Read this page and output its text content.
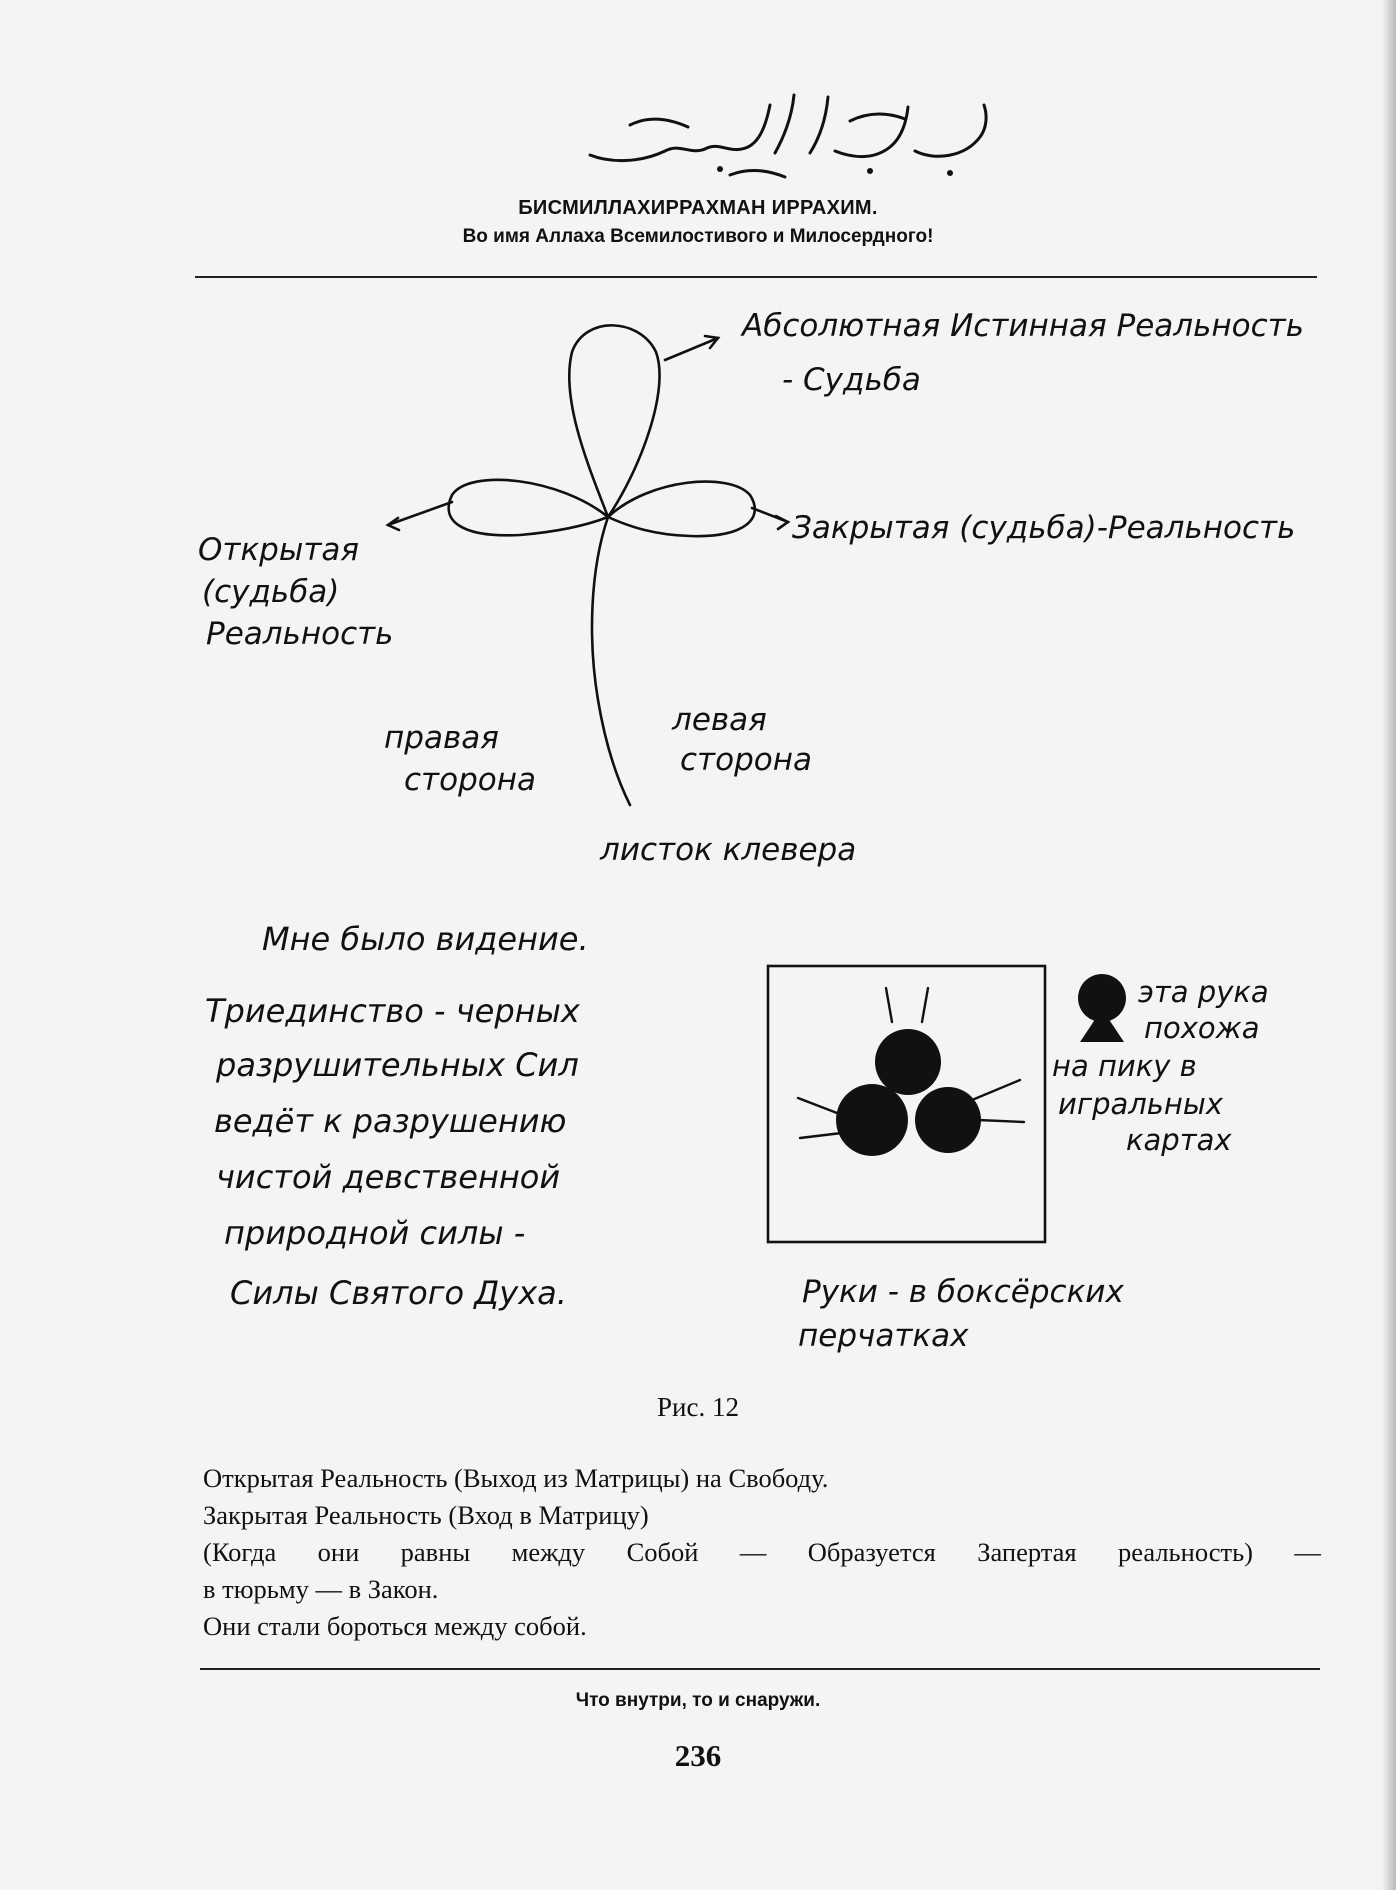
بِسْمِ ٱللَّٰهِ ٱلرَّحْمَٰنِ ٱلرَّحِيمِ
БИСМИЛЛАХИРРАХМАН ИРРАХИМ.
Во имя Аллаха Всемилостивого и Милосердного!
Абсолютная Истинная Реальность
- Судьба
Закрытая (судьба)-Реальность
Открытая
(судьба)
Реальность
правая
сторона
левая
сторона
листок клевера
Мне было видение.
Триединство - черных
разрушительных Сил
ведёт к разрушению
чистой девственной
природной силы -
Силы Святого Духа.
эта рука
похожа
на пику в
игральных
картах
Руки - в боксёрских
перчатках
Рис. 12
Открытая Реальность (Выход из Матрицы) на Свободу.
Закрытая Реальность (Вход в Матрицу)
(Когда они равны между Собой — Образуется Запертая реальность) —
в тюрьму — в Закон.
Они стали бороться между собой.
Что внутри, то и снаружи.
236
